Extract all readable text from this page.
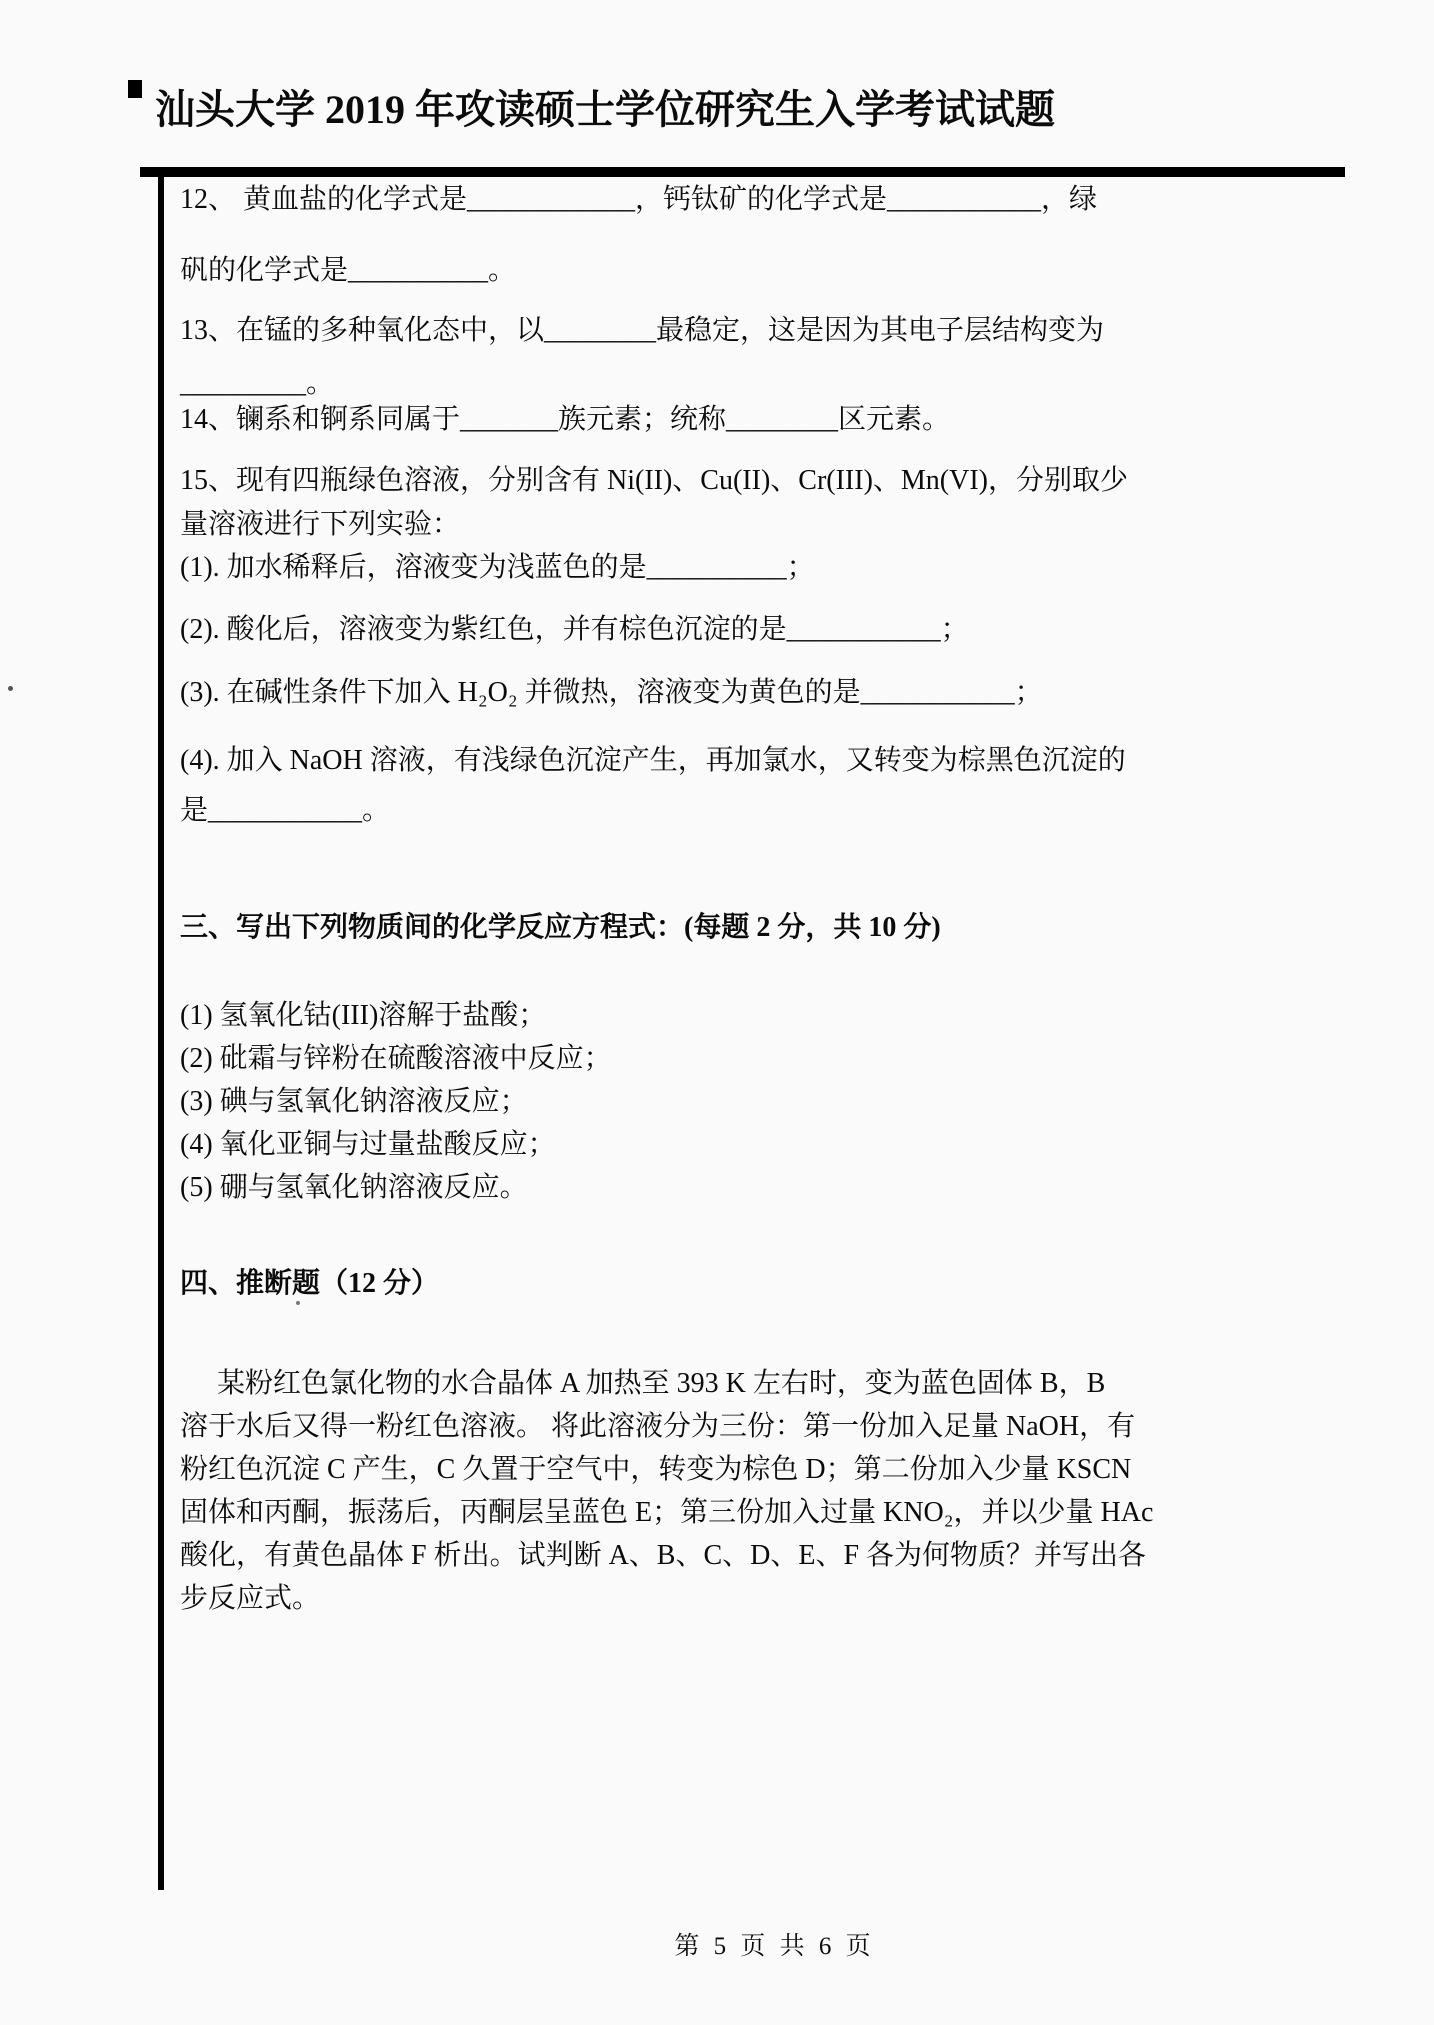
汕头大学 2019 年攻读硕士学位研究生入学考试试题

12、 黄血盐的化学式是____________，钙钛矿的化学式是___________，绿

矾的化学式是__________。

13、在锰的多种氧化态中，以________最稳定，这是因为其电子层结构变为

_________。

14、镧系和锕系同属于_______族元素；统称________区元素。

15、现有四瓶绿色溶液，分别含有 Ni(II)、Cu(II)、Cr(III)、Mn(VI)，分别取少

量溶液进行下列实验：

(1). 加水稀释后，溶液变为浅蓝色的是__________；

(2). 酸化后，溶液变为紫红色，并有棕色沉淀的是___________；

(3). 在碱性条件下加入 H₂O₂ 并微热，溶液变为黄色的是___________；

(4). 加入 NaOH 溶液，有浅绿色沉淀产生，再加氯水，又转变为棕黑色沉淀的

是___________。

三、写出下列物质间的化学反应方程式：(每题 2 分，共 10 分)

(1) 氢氧化钴(III)溶解于盐酸；

(2) 砒霜与锌粉在硫酸溶液中反应；

(3) 碘与氢氧化钠溶液反应；

(4) 氧化亚铜与过量盐酸反应；

(5) 硼与氢氧化钠溶液反应。

四、推断题（12 分）

某粉红色氯化物的水合晶体 A 加热至 393 K 左右时，变为蓝色固体 B，B

溶于水后又得一粉红色溶液。 将此溶液分为三份：第一份加入足量 NaOH，有

粉红色沉淀 C 产生，C 久置于空气中，转变为棕色 D；第二份加入少量 KSCN

固体和丙酮，振荡后，丙酮层呈蓝色 E；第三份加入过量 KNO₂，并以少量 HAc

酸化，有黄色晶体 F 析出。试判断 A、B、C、D、E、F 各为何物质？并写出各

步反应式。

第 5 页 共 6 页
